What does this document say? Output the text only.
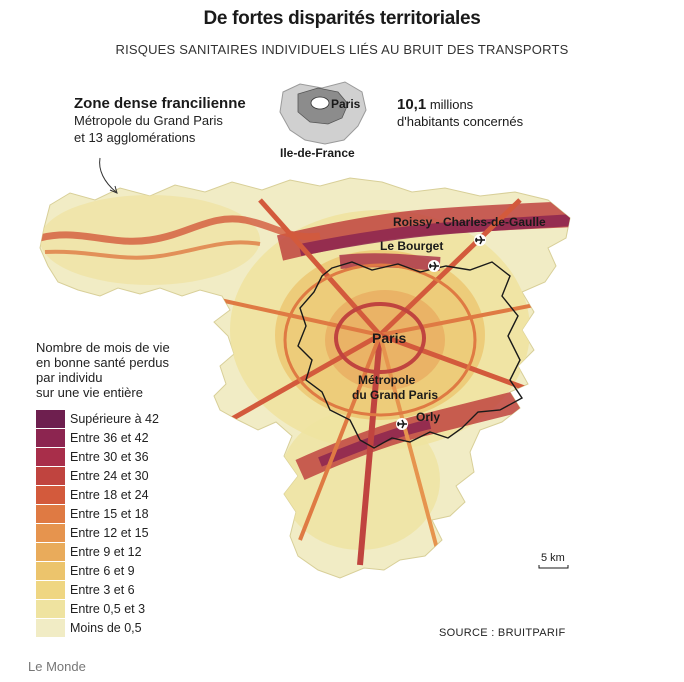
De fortes disparités territoriales
RISQUES SANITAIRES INDIVIDUELS LIÉS AU BRUIT DES TRANSPORTS
Zone dense francilienne
Métropole du Grand Paris
et 13 agglomérations
10,1 millions
d'habitants concernés
Roissy - Charles-de-Gaulle
Le Bourget
Paris
Métropole
du Grand Paris
Orly
Paris
Ile-de-France
5 km
Nombre de mois de vie
en bonne santé perdus
par individu
sur une vie entière
Supérieure à 42
Entre 36 et 42
Entre 30 et 36
Entre 24 et 30
Entre 18 et 24
Entre 15 et 18
Entre 12 et 15
Entre 9 et 12
Entre 6 et 9
Entre 3 et 6
Entre 0,5 et 3
Moins de 0,5	SOURCE : BRUITPARIF
Le Monde
